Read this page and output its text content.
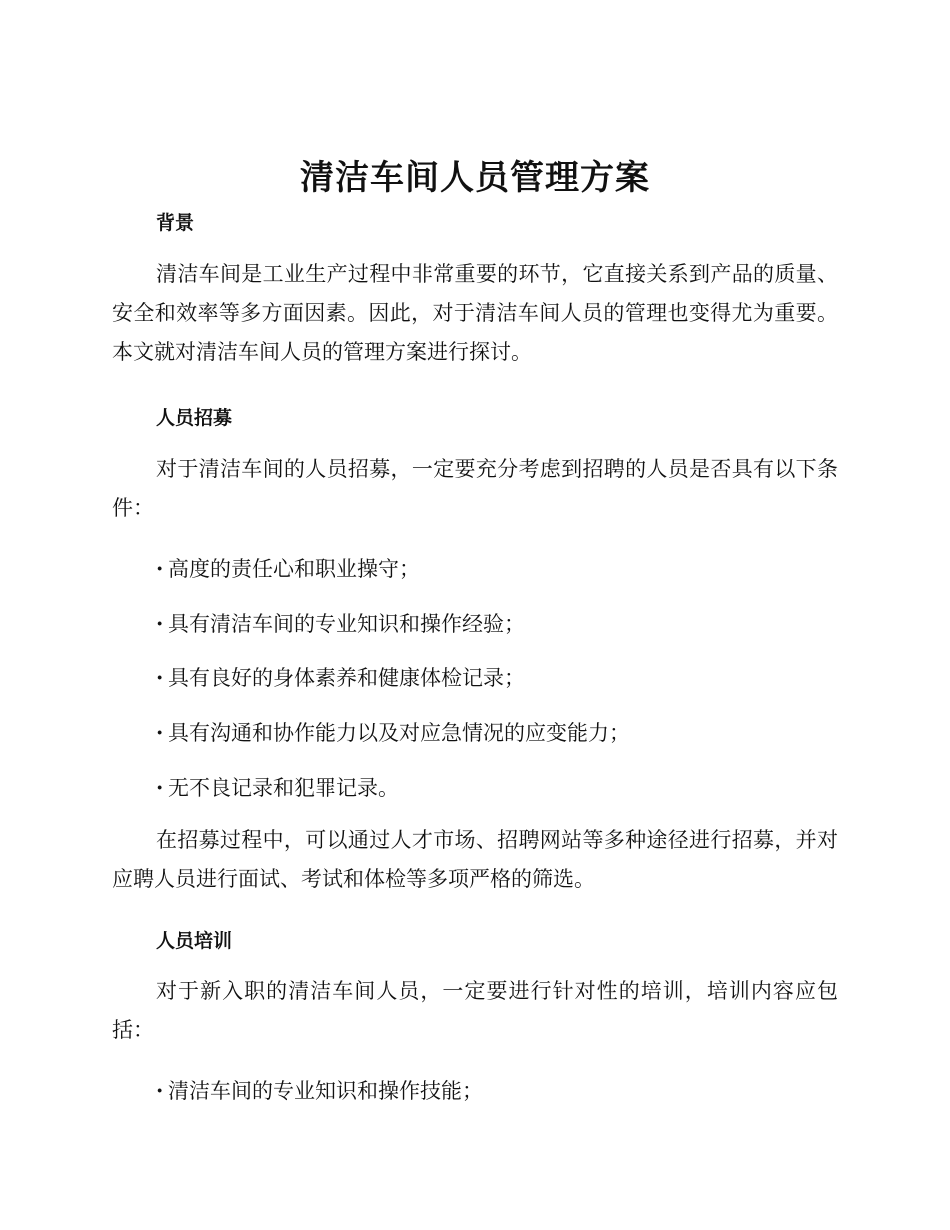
清洁车间人员管理方案
背景

清洁车间是工业生产过程中非常重要的环节，它直接关系到产品的质量、安全和效率等多方面因素。因此，对于清洁车间人员的管理也变得尤为重要。本文就对清洁车间人员的管理方案进行探讨。

人员招募

对于清洁车间的人员招募，一定要充分考虑到招聘的人员是否具有以下条件：

· 高度的责任心和职业操守；

· 具有清洁车间的专业知识和操作经验；

· 具有良好的身体素养和健康体检记录；

· 具有沟通和协作能力以及对应急情况的应变能力；

· 无不良记录和犯罪记录。

在招募过程中，可以通过人才市场、招聘网站等多种途径进行招募，并对应聘人员进行面试、考试和体检等多项严格的筛选。

人员培训

对于新入职的清洁车间人员，一定要进行针对性的培训，培训内容应包括：

· 清洁车间的专业知识和操作技能；
